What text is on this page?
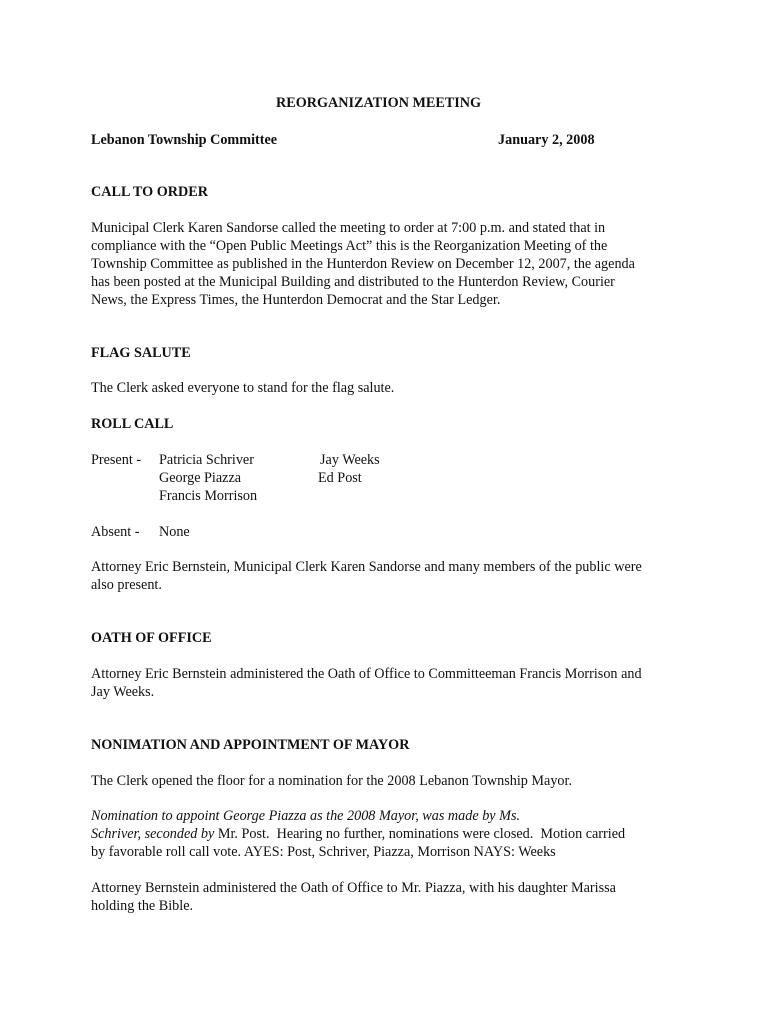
REORGANIZATION MEETING
Lebanon Township Committee	January 2, 2008
CALL TO ORDER
Municipal Clerk Karen Sandorse called the meeting to order at 7:00 p.m. and stated that in
compliance with the “Open Public Meetings Act” this is the Reorganization Meeting of the
Township Committee as published in the Hunterdon Review on December 12, 2007, the agenda
has been posted at the Municipal Building and distributed to the Hunterdon Review, Courier
News, the Express Times, the Hunterdon Democrat and the Star Ledger.
FLAG SALUTE
The Clerk asked everyone to stand for the flag salute.
ROLL CALL
Present - Patricia Schriver
George Piazza
Francis Morrison
Jay Weeks
Ed Post
Absent - None
Attorney Eric Bernstein, Municipal Clerk Karen Sandorse and many members of the public were
also present.
OATH OF OFFICE
Attorney Eric Bernstein administered the Oath of Office to Committeeman Francis Morrison and
Jay Weeks.
NONIMATION AND APPOINTMENT OF MAYOR
The Clerk opened the floor for a nomination for the 2008 Lebanon Township Mayor.
Nomination to appoint George Piazza as the 2008 Mayor, was made by Ms.
Schriver, seconded by Mr. Post.  Hearing no further, nominations were closed.  Motion carried
by favorable roll call vote. AYES: Post, Schriver, Piazza, Morrison NAYS: Weeks
Attorney Bernstein administered the Oath of Office to Mr. Piazza, with his daughter Marissa
holding the Bible.
